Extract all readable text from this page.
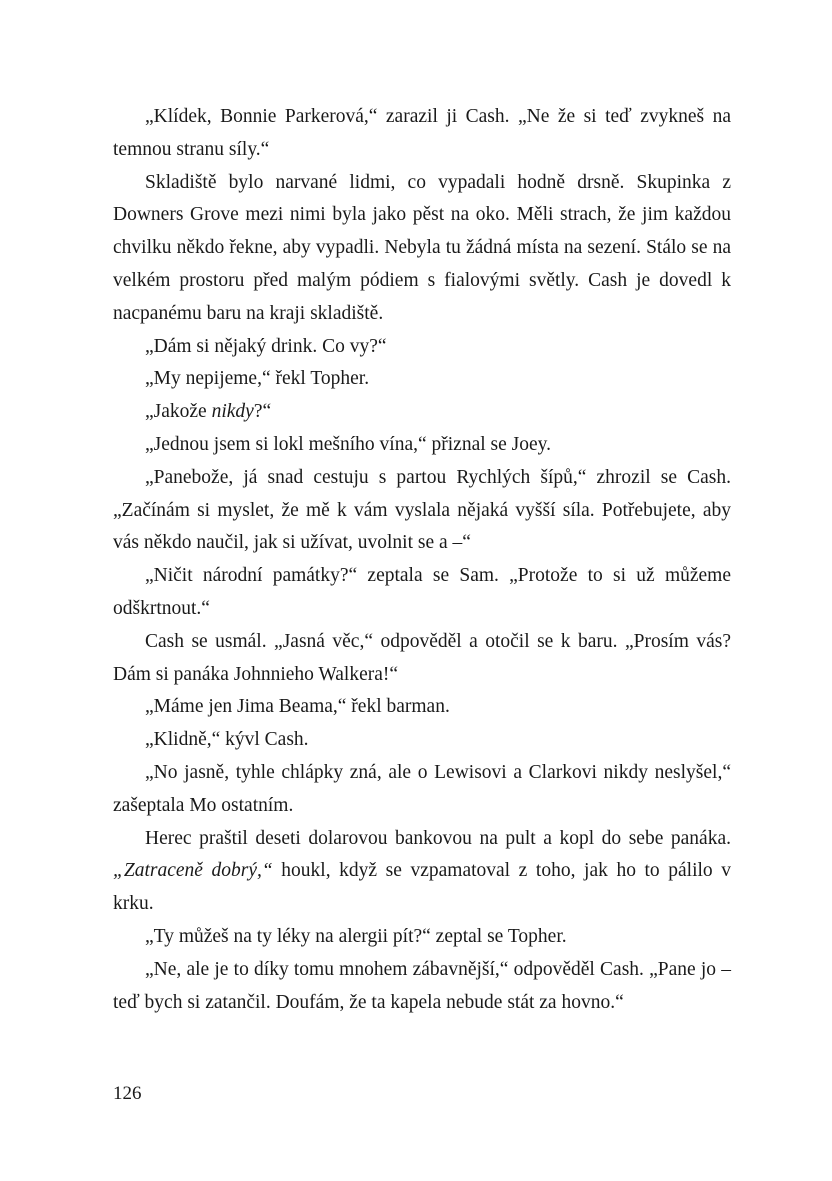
„Klídek, Bonnie Parkerová,“ zarazil ji Cash. „Ne že si teď zvykneš na temnou stranu síly.“

Skladiště bylo narvané lidmi, co vypadali hodně drsně. Skupinka z Downers Grove mezi nimi byla jako pěst na oko. Měli strach, že jim každou chvilku někdo řekne, aby vypadli. Nebyla tu žádná místa na sezení. Stálo se na velkém prostoru před malým pódiem s fialovými světly. Cash je dovedl k nacpanému baru na kraji skladiště.

„Dám si nějaký drink. Co vy?“

„My nepijeme,“ řekl Topher.

„Jakože nikdy?“

„Jednou jsem si lokl mešního vína,“ přiznal se Joey.

„Panebože, já snad cestuju s partou Rychlých šípů,“ zhrozil se Cash. „Začínám si myslet, že mě k vám vyslala nějaká vyšší síla. Potřebujete, aby vás někdo naučil, jak si užívat, uvolnit se a –“

„Ničit národní památky?“ zeptala se Sam. „Protože to si už můžeme odškrtnout.“

Cash se usmál. „Jasná věc,“ odpověděl a otočil se k baru. „Prosím vás? Dám si panáka Johnnieho Walkera!“

„Máme jen Jima Beama,“ řekl barman.

„Klidně,“ kývl Cash.

„No jasně, tyhle chlápky zná, ale o Lewisovi a Clarkovi nikdy neslyšel,“ zašeptala Mo ostatním.

Herec praštil deseti dolarovou bankovou na pult a kopl do sebe panáka. „Zatraceně dobrý,“ houkl, když se vzpamatoval z toho, jak ho to pálilo v krku.

„Ty můžeš na ty léky na alergii pít?“ zeptal se Topher.

„Ne, ale je to díky tomu mnohem zábavnější,“ odpověděl Cash. „Pane jo – teď bych si zatančil. Doufám, že ta kapela nebude stát za hovno.“

126
